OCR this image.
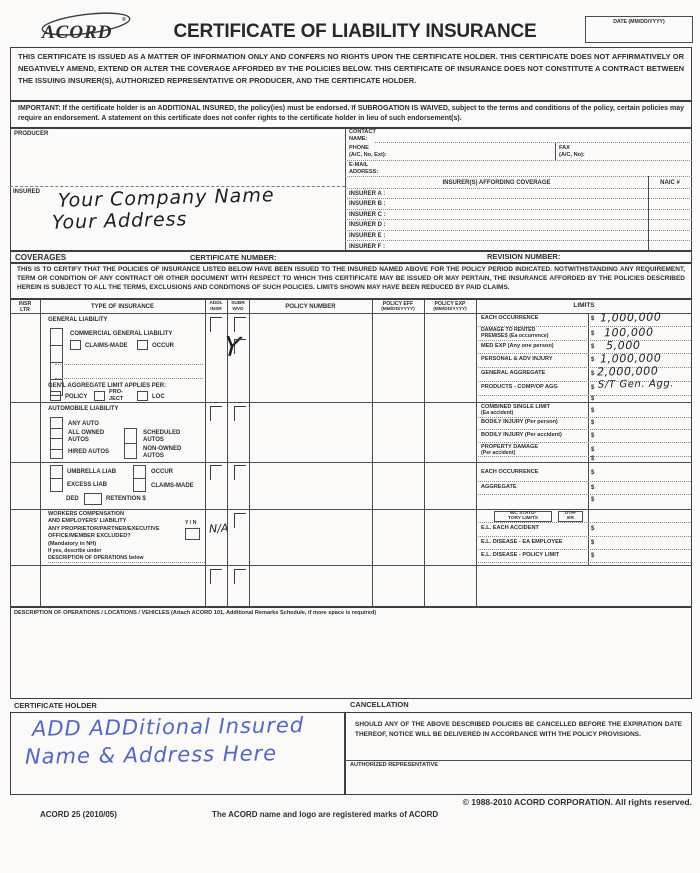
ACORD
®
CERTIFICATE OF LIABILITY INSURANCE	DATE (MM/DD/YYYY)
THIS CERTIFICATE IS ISSUED AS A MATTER OF INFORMATION ONLY AND CONFERS NO RIGHTS UPON THE CERTIFICATE HOLDER. THIS CERTIFICATE DOES NOT AFFIRMATIVELY OR NEGATIVELY AMEND, EXTEND OR ALTER THE COVERAGE AFFORDED BY THE POLICIES BELOW. THIS CERTIFICATE OF INSURANCE DOES NOT CONSTITUTE A CONTRACT BETWEEN THE ISSUING INSURER(S), AUTHORIZED REPRESENTATIVE OR PRODUCER, AND THE CERTIFICATE HOLDER.
IMPORTANT: If the certificate holder is an ADDITIONAL INSURED, the policy(ies) must be endorsed. If SUBROGATION IS WAIVED, subject to the terms and conditions of the policy, certain policies may require an endorsement. A statement on this certificate does not confer rights to the certificate holder in lieu of such endorsement(s).
PRODUCER
INSURED Your Company Name
Your Address
CONTACT
NAME:
PHONE
(A/C, No, Ext):
FAX
(A/C, No):
E-MAIL
ADDRESS:
INSURER(S) AFFORDING COVERAGE	NAIC #
INSURER A :
INSURER B :
INSURER C :
INSURER D :
INSURER E :
INSURER F :
COVERAGES	CERTIFICATE NUMBER:	REVISION NUMBER:
THIS IS TO CERTIFY THAT THE POLICIES OF INSURANCE LISTED BELOW HAVE BEEN ISSUED TO THE INSURED NAMED ABOVE FOR THE POLICY PERIOD INDICATED. NOTWITHSTANDING ANY REQUIREMENT, TERM OR CONDITION OF ANY CONTRACT OR OTHER DOCUMENT WITH RESPECT TO WHICH THIS CERTIFICATE MAY BE ISSUED OR MAY PERTAIN, THE INSURANCE AFFORDED BY THE POLICIES DESCRIBED HEREIN IS SUBJECT TO ALL THE TERMS, EXCLUSIONS AND CONDITIONS OF SUCH POLICIES. LIMITS SHOWN MAY HAVE BEEN REDUCED BY PAID CLAIMS.
INSR
LTR	TYPE OF INSURANCE
ADDL
INSR
SUBR
WVD	POLICY NUMBER	POLICY EFF
(MM/DD/YYYY)
POLICY EXP
(MM/DD/YYYY)
LIMITS
GENERAL LIABILITY
COMMERCIAL GENERAL LIABILITY
CLAIMS-MADE	OCCUR
GEN'L AGGREGATE LIMIT APPLIES PER:
POLICY
PRO-
JECT	LOC
Y
EACH OCCURRENCE	$ 1,000,000
DAMAGE TO RENTED
PREMISES (Ea occurrence)	$ 100,000
MED EXP (Any one person)	$ 5,000
PERSONAL & ADV INJURY	$ 1,000,000
GENERAL AGGREGATE	$ 2,000,000
PRODUCTS - COMP/OP AGG	$ S/T Gen. Agg.
$
AUTOMOBILE LIABILITY
ANY AUTO
ALL OWNED
AUTOS
SCHEDULED
AUTOS
HIRED AUTOS	NON-OWNED
AUTOS
COMBINED SINGLE LIMIT
(Ea accident)	$
BODILY INJURY (Per person)	$
BODILY INJURY (Per accident)	$
PROPERTY DAMAGE
(Per accident)	$
$
UMBRELLA LIAB	OCCUR
EXCESS LIAB	CLAIMS-MADE
DED	RETENTION $
EACH OCCURRENCE	$
AGGREGATE	$
$
WORKERS COMPENSATION
AND EMPLOYERS' LIABILITY
ANY PROPRIETOR/PARTNER/EXECUTIVE
OFFICE/MEMBER EXCLUDED?
(Mandatory in NH)
If yes, describe under
DESCRIPTION OF OPERATIONS below
Y / N N/A
WC STATU-
TORY LIMITS
OTH-
ER
E.L. EACH ACCIDENT	$
E.L. DISEASE - EA EMPLOYEE	$
E.L. DISEASE - POLICY LIMIT	$
DESCRIPTION OF OPERATIONS / LOCATIONS / VEHICLES (Attach ACORD 101, Additional Remarks Schedule, if more space is required)
CERTIFICATE HOLDER	CANCELLATION
ADD ADDitional Insured
Name & Address Here
SHOULD ANY OF THE ABOVE DESCRIBED POLICIES BE CANCELLED BEFORE THE EXPIRATION DATE THEREOF, NOTICE WILL BE DELIVERED IN ACCORDANCE WITH THE POLICY PROVISIONS.
AUTHORIZED REPRESENTATIVE
© 1988-2010 ACORD CORPORATION. All rights reserved.
ACORD 25 (2010/05)	The ACORD name and logo are registered marks of ACORD
